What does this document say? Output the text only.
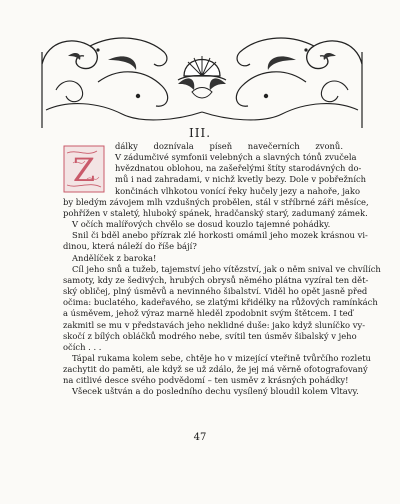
III.
Z
dálky doznívala píseň navečerních zvonů.
V zádumčivé symfonii velebných a slavných tónů zvučela
hvězdnatou oblohou, na zašeřelými štíty starodávných do-
mů i nad zahradami, v nichž kvetly bezy. Dole v pobřežních
končinách vlhkotou vonící řeky hučely jezy a nahoře, jako
by bledým závojem mlh vzdušných probělen, stál v stříbrné záři měsíce,
pohřížen v staletý, hluboký spánek, hradčanský starý, zadumaný zámek.
V očích malířových chvělo se dosud kouzlo tajemné pohádky.
Snil či bděl anebo přízrak zlé horkosti omámil jeho mozek krásnou vi-
dinou, která náleží do říše bájí?
Andělíček z baroka!
Cíl jeho snů a tužeb, tajemství jeho vítězství, jak o něm snival ve chvílích
samoty, kdy ze šedivých, hrubých obrysů němého plátna vyzíral ten dět-
ský obličej, plný úsměvů a nevinného šibalství. Viděl ho opět jasně před
očima: buclatého, kadeřavého, se zlatými křidélky na růžových ramínkách
a úsměvem, jehož výraz marně hleděl zpodobnit svým štětcem. I teď
zakmitl se mu v představách jeho neklidné duše: jako když sluníčko vy-
skočí z bílých obláčků modrého nebe, svítil ten úsměv šibalský v jeho
očích . . .
Tápal rukama kolem sebe, chtěje ho v mizející vteřině tvůrčího rozletu
zachytit do paměti, ale když se už zdálo, že jej má věrně ofotografovaný
na citlivé desce svého podvědomí – ten usměv z krásných pohádky!
Všecek uštván a do posledního dechu vysílený bloudil kolem Vltavy.
47
